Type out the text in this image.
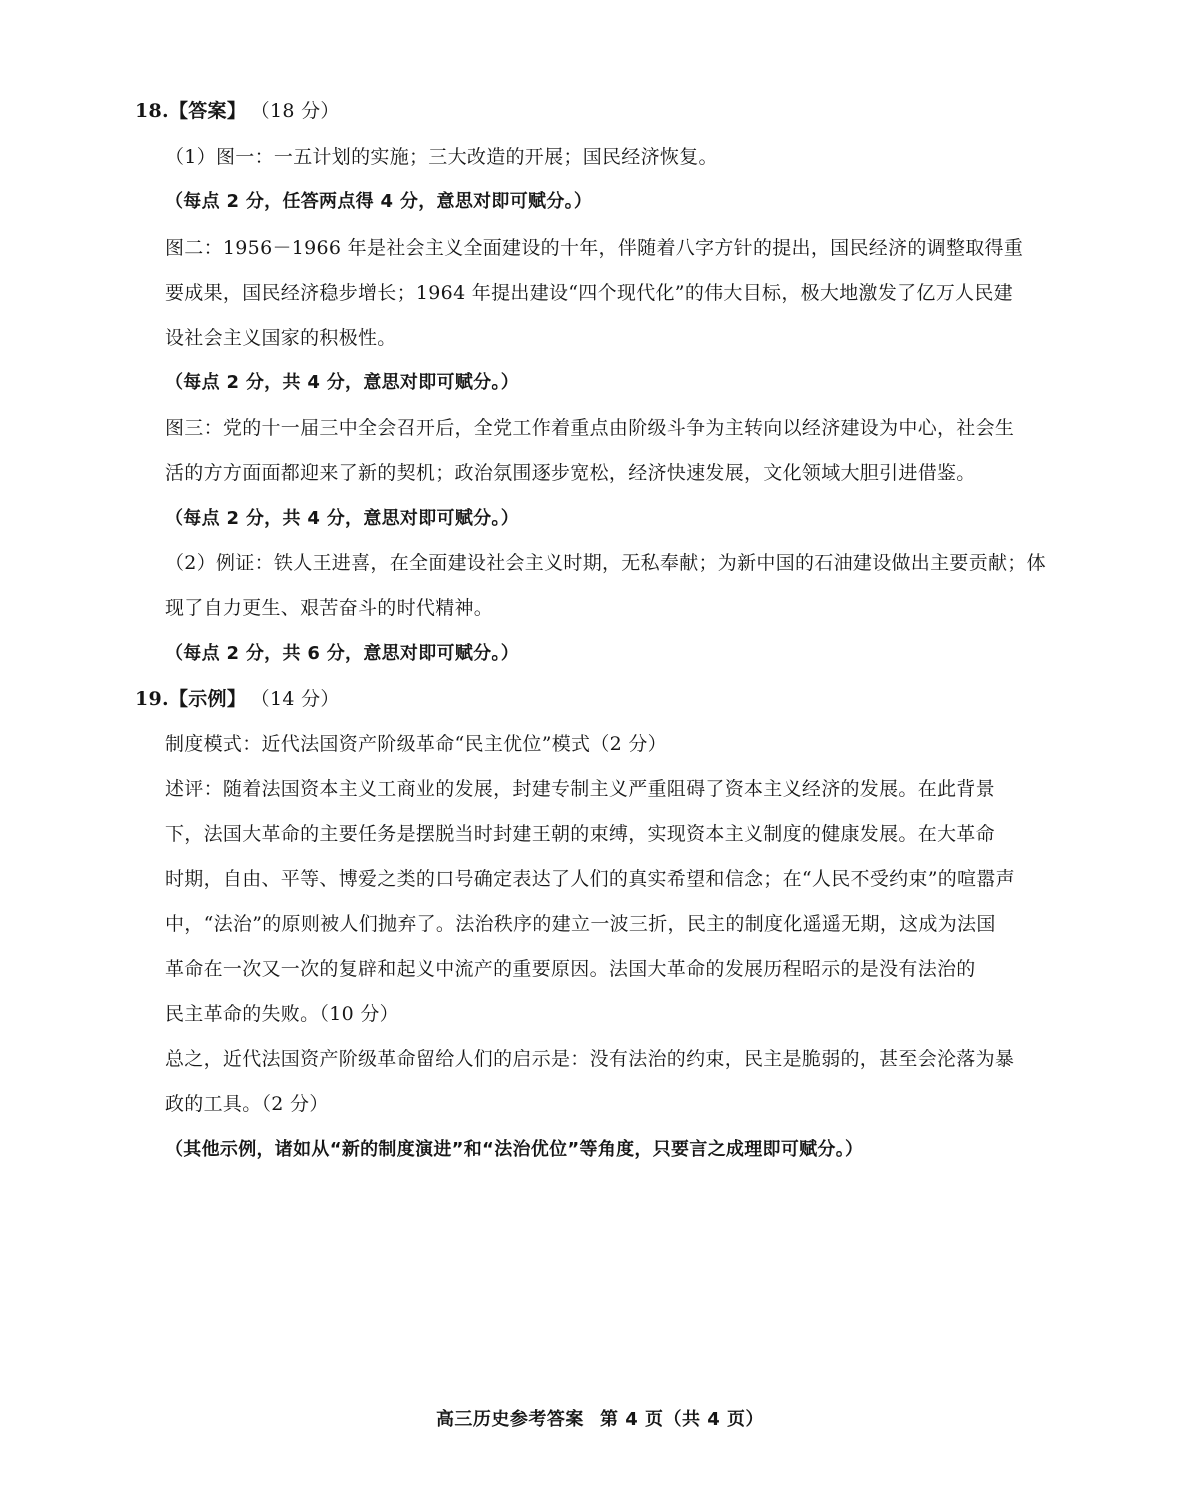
18.【答案】 （18 分）
（1）图一：一五计划的实施；三大改造的开展；国民经济恢复。
（每点 2 分，任答两点得 4 分，意思对即可赋分。）
图二：1956－1966 年是社会主义全面建设的十年，伴随着八字方针的提出，国民经济的调整取得重
要成果，国民经济稳步增长；1964 年提出建设“四个现代化”的伟大目标，极大地激发了亿万人民建
设社会主义国家的积极性。
（每点 2 分，共 4 分，意思对即可赋分。）
图三：党的十一届三中全会召开后，全党工作着重点由阶级斗争为主转向以经济建设为中心，社会生
活的方方面面都迎来了新的契机；政治氛围逐步宽松，经济快速发展，文化领域大胆引进借鉴。
（每点 2 分，共 4 分，意思对即可赋分。）
（2）例证：铁人王进喜，在全面建设社会主义时期，无私奉献；为新中国的石油建设做出主要贡献；体
现了自力更生、艰苦奋斗的时代精神。
（每点 2 分，共 6 分，意思对即可赋分。）
19.【示例】 （14 分）
制度模式：近代法国资产阶级革命“民主优位”模式（2 分）
述评：随着法国资本主义工商业的发展，封建专制主义严重阻碍了资本主义经济的发展。在此背景
下，法国大革命的主要任务是摆脱当时封建王朝的束缚，实现资本主义制度的健康发展。在大革命
时期，自由、平等、博爱之类的口号确定表达了人们的真实希望和信念；在“人民不受约束”的喧嚣声
中，“法治”的原则被人们抛弃了。法治秩序的建立一波三折，民主的制度化遥遥无期，这成为法国
革命在一次又一次的复辟和起义中流产的重要原因。法国大革命的发展历程昭示的是没有法治的
民主革命的失败。（10 分）
总之，近代法国资产阶级革命留给人们的启示是：没有法治的约束，民主是脆弱的，甚至会沦落为暴
政的工具。（2 分）
（其他示例，诸如从“新的制度演进”和“法治优位”等角度，只要言之成理即可赋分。）
高三历史参考答案 第 4 页（共 4 页）
